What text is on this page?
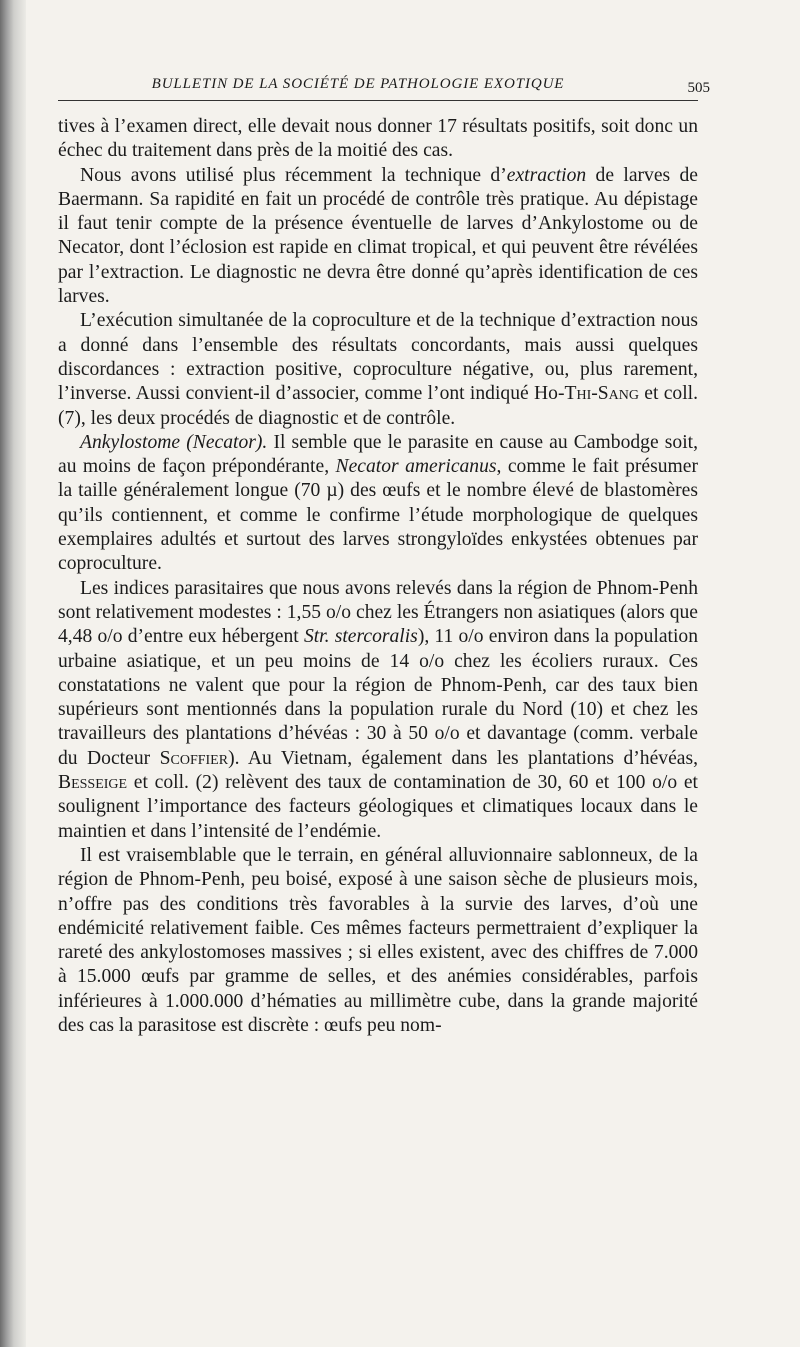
BULLETIN DE LA SOCIÉTÉ DE PATHOLOGIE EXOTIQUE	505

tives à l’examen direct, elle devait nous donner 17 résultats positifs, soit donc un échec du traitement dans près de la moitié des cas.

Nous avons utilisé plus récemment la technique d’extraction de larves de Baermann. Sa rapidité en fait un procédé de contrôle très pratique. Au dépistage il faut tenir compte de la présence éventuelle de larves d’Ankylostome ou de Necator, dont l’éclosion est rapide en climat tropical, et qui peuvent être révélées par l’extraction. Le diagnostic ne devra être donné qu’après identification de ces larves.

L’exécution simultanée de la coproculture et de la technique d’extraction nous a donné dans l’ensemble des résultats concordants, mais aussi quelques discordances : extraction positive, coproculture négative, ou, plus rarement, l’inverse. Aussi convient-il d’associer, comme l’ont indiqué Ho-Thi-Sang et coll. (7), les deux procédés de diagnostic et de contrôle.

Ankylostome (Necator). Il semble que le parasite en cause au Cambodge soit, au moins de façon prépondérante, Necator americanus, comme le fait présumer la taille généralement longue (70 µ) des œufs et le nombre élevé de blastomères qu’ils contiennent, et comme le confirme l’étude morphologique de quelques exemplaires adultés et surtout des larves strongyloïdes enkystées obtenues par coproculture.

Les indices parasitaires que nous avons relevés dans la région de Phnom-Penh sont relativement modestes : 1,55 o/o chez les Étrangers non asiatiques (alors que 4,48 o/o d’entre eux hébergent Str. stercoralis), 11 o/o environ dans la population urbaine asiatique, et un peu moins de 14 o/o chez les écoliers ruraux. Ces constatations ne valent que pour la région de Phnom-Penh, car des taux bien supérieurs sont mentionnés dans la population rurale du Nord (10) et chez les travailleurs des plantations d’hévéas : 30 à 50 o/o et davantage (comm. verbale du Docteur Scoffier). Au Vietnam, également dans les plantations d’hévéas, Besseige et coll. (2) relèvent des taux de contamination de 30, 60 et 100 o/o et soulignent l’importance des facteurs géologiques et climatiques locaux dans le maintien et dans l’intensité de l’endémie.

Il est vraisemblable que le terrain, en général alluvionnaire sablonneux, de la région de Phnom-Penh, peu boisé, exposé à une saison sèche de plusieurs mois, n’offre pas des conditions très favorables à la survie des larves, d’où une endémicité relativement faible. Ces mêmes facteurs permettraient d’expliquer la rareté des ankylostomoses massives ; si elles existent, avec des chiffres de 7.000 à 15.000 œufs par gramme de selles, et des anémies considérables, parfois inférieures à 1.000.000 d’hématies au millimètre cube, dans la grande majorité des cas la parasitose est discrète : œufs peu nom-
